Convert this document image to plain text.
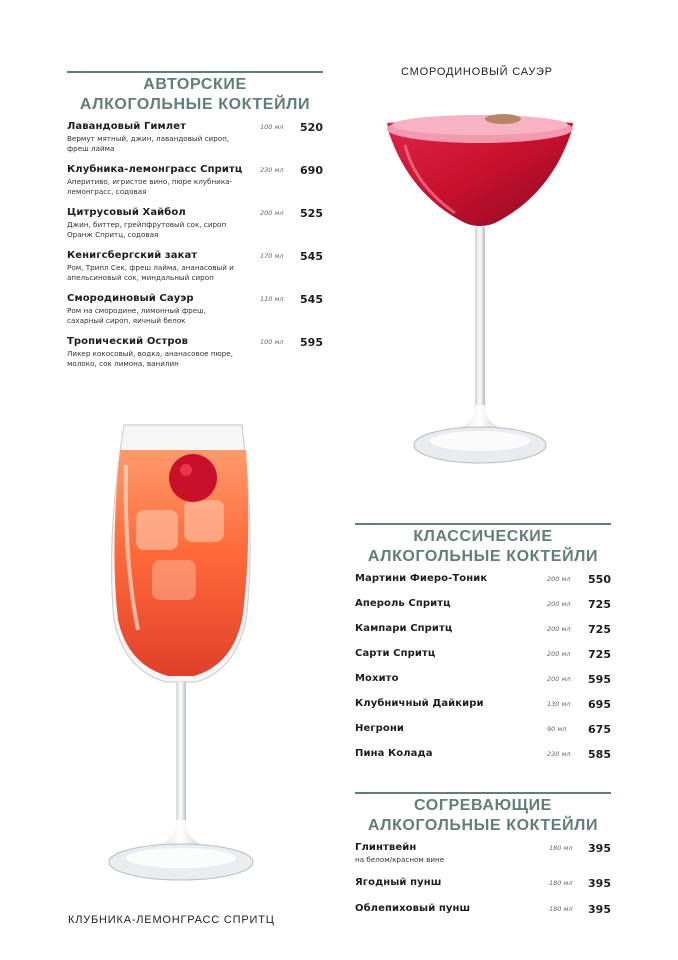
АВТОРСКИЕ
АЛКОГОЛЬНЫЕ КОКТЕЙЛИ
Лавандовый Гимлет
Вермут мятный, джин, лавандовый сироп, фреш лайма
100 мл 520
Клубника-лемонграсс Спритц
Аперитиво, игристое вино, пюре клубника-лемонграсс, содовая
230 мл 690
Цитрусовый Хайбол
Джин, биттер, грейпфрутовый сок, сироп Оранж Спритц, содовая
200 мл 525
Кенигсбергский закат
Ром, Трипл Сек, фреш лайма, ананасовый и апельсиновый сок, миндальный сироп
170 мл 545
Смородиновый Сауэр
Ром на смородине, лимонный фреш, сахарный сироп, яичный белок
110 мл 545
Тропический Остров
Ликер кокосовый, водка, ананасовое пюре, молоко, сок лимона, ванилин
100 мл 595
КЛАССИЧЕСКИЕ
АЛКОГОЛЬНЫЕ КОКТЕЙЛИ
Мартини Фиеро-Тоник	200 мл 550
Апероль Спритц	200 мл 725
Кампари Спритц	200 мл 725
Сарти Спритц	200 мл 725
Мохито	200 мл 595
Клубничный Дайкири	130 мл 695
Негрони	90 мл 675
Пина Колада	230 мл 585
СОГРЕВАЮЩИЕ
АЛКОГОЛЬНЫЕ КОКТЕЙЛИ
Глинтвейн
на белом/красном вине
180 мл 395
Ягодный пунш	180 мл 395
Облепиховый пунш	180 мл 395
СМОРОДИНОВЫЙ САУЭР
КЛУБНИКА-ЛЕМОНГРАСС СПРИТЦ
